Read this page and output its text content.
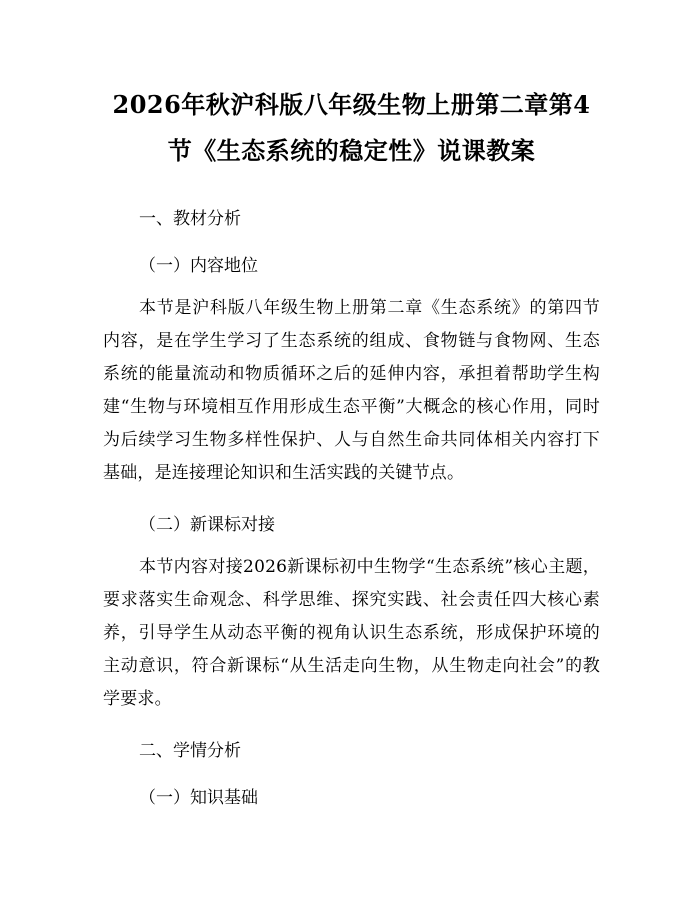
2026年秋沪科版八年级生物上册第二章第4节《生态系统的稳定性》说课教案

一、教材分析

（一）内容地位

本节是沪科版八年级生物上册第二章《生态系统》的第四节内容，是在学生学习了生态系统的组成、食物链与食物网、生态系统的能量流动和物质循环之后的延伸内容，承担着帮助学生构建“生物与环境相互作用形成生态平衡”大概念的核心作用，同时为后续学习生物多样性保护、人与自然生命共同体相关内容打下基础，是连接理论知识和生活实践的关键节点。

（二）新课标对接

本节内容对接2026新课标初中生物学“生态系统”核心主题，要求落实生命观念、科学思维、探究实践、社会责任四大核心素养，引导学生从动态平衡的视角认识生态系统，形成保护环境的主动意识，符合新课标“从生活走向生物，从生物走向社会”的教学要求。

二、学情分析

（一）知识基础
